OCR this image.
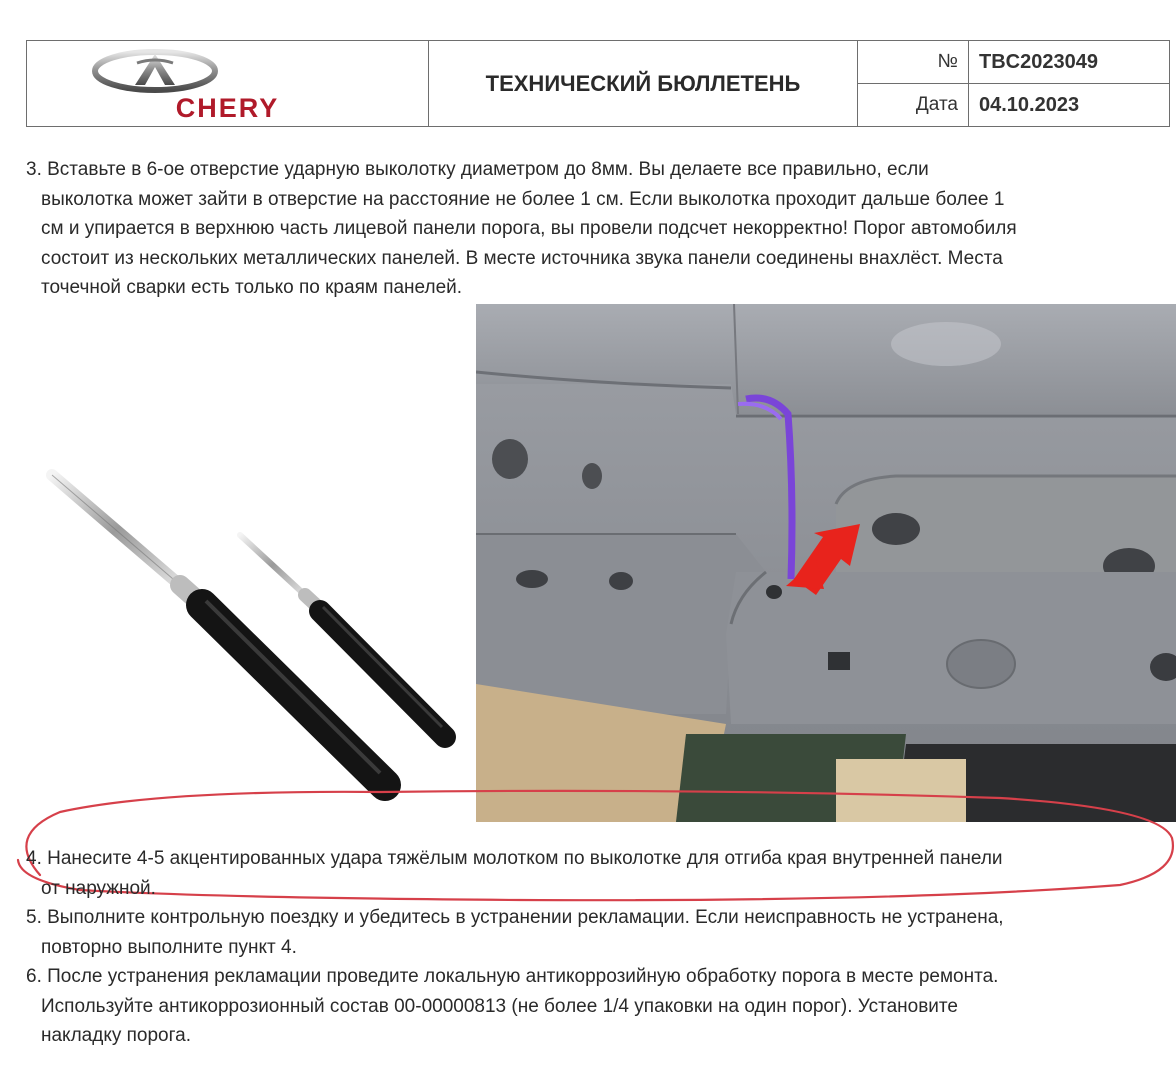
CHERY	ТЕХНИЧЕСКИЙ БЮЛЛЕТЕНЬ	№	TBC2023049
		Дата	04.10.2023
3. Вставьте в 6-ое отверстие ударную выколотку диаметром до 8мм. Вы делаете все правильно, если
выколотка может зайти в отверстие на расстояние не более 1 см. Если выколотка проходит дальше более 1
см и упирается в верхнюю часть лицевой панели порога, вы провели подсчет некорректно! Порог автомобиля
состоит из нескольких металлических панелей. В месте источника звука панели соединены внахлёст. Места
точечной сварки есть только по краям панелей.
4. Нанесите 4-5 акцентированных удара тяжёлым молотком по выколотке для отгиба края внутренней панели
от наружной.
5. Выполните контрольную поездку и убедитесь в устранении рекламации. Если неисправность не устранена,
повторно выполните пункт 4.
6. После устранения рекламации проведите локальную антикоррозийную обработку порога в месте ремонта.
Используйте антикоррозионный состав 00-00000813 (не более 1/4 упаковки на один порог). Установите
накладку порога.
